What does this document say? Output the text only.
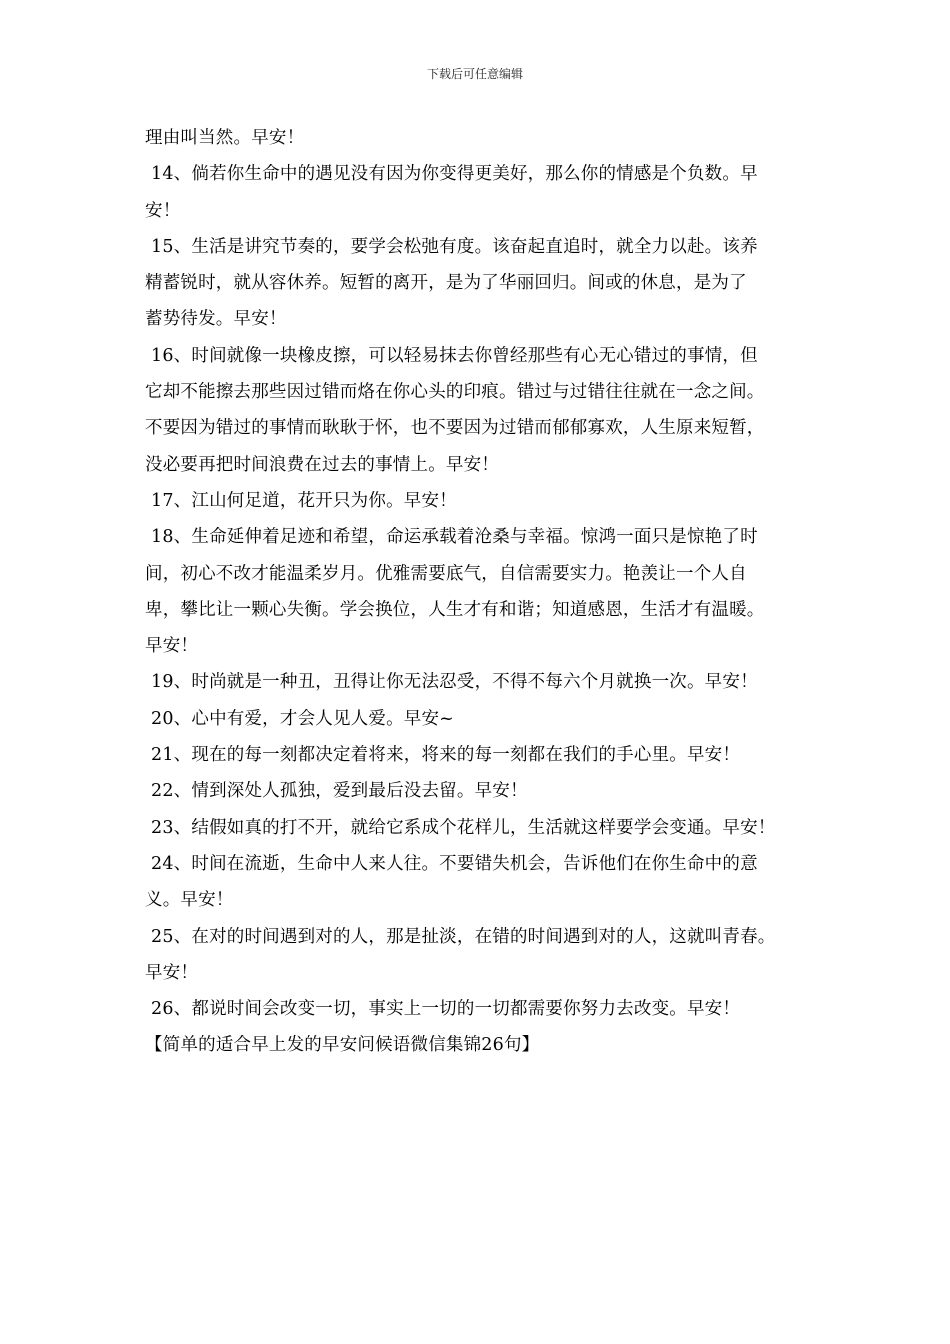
下载后可任意编辑
理由叫当然。早安！
14、倘若你生命中的遇见没有因为你变得更美好，那么你的情感是个负数。早
安！
15、生活是讲究节奏的，要学会松弛有度。该奋起直追时，就全力以赴。该养
精蓄锐时，就从容休养。短暂的离开，是为了华丽回归。间或的休息，是为了
蓄势待发。早安！
16、时间就像一块橡皮擦，可以轻易抹去你曾经那些有心无心错过的事情，但
它却不能擦去那些因过错而烙在你心头的印痕。错过与过错往往就在一念之间。
不要因为错过的事情而耿耿于怀，也不要因为过错而郁郁寡欢，人生原来短暂，
没必要再把时间浪费在过去的事情上。早安！
17、江山何足道，花开只为你。早安！
18、生命延伸着足迹和希望，命运承载着沧桑与幸福。惊鸿一面只是惊艳了时
间，初心不改才能温柔岁月。优雅需要底气，自信需要实力。艳羡让一个人自
卑，攀比让一颗心失衡。学会换位，人生才有和谐；知道感恩，生活才有温暖。
早安！
19、时尚就是一种丑，丑得让你无法忍受，不得不每六个月就换一次。早安！
20、心中有爱，才会人见人爱。早安~
21、现在的每一刻都决定着将来，将来的每一刻都在我们的手心里。早安！
22、情到深处人孤独，爱到最后没去留。早安！
23、结假如真的打不开，就给它系成个花样儿，生活就这样要学会变通。早安！
24、时间在流逝，生命中人来人往。不要错失机会，告诉他们在你生命中的意
义。早安！
25、在对的时间遇到对的人，那是扯淡，在错的时间遇到对的人，这就叫青春。
早安！
26、都说时间会改变一切，事实上一切的一切都需要你努力去改变。早安！
【简单的适合早上发的早安问候语微信集锦26句】
